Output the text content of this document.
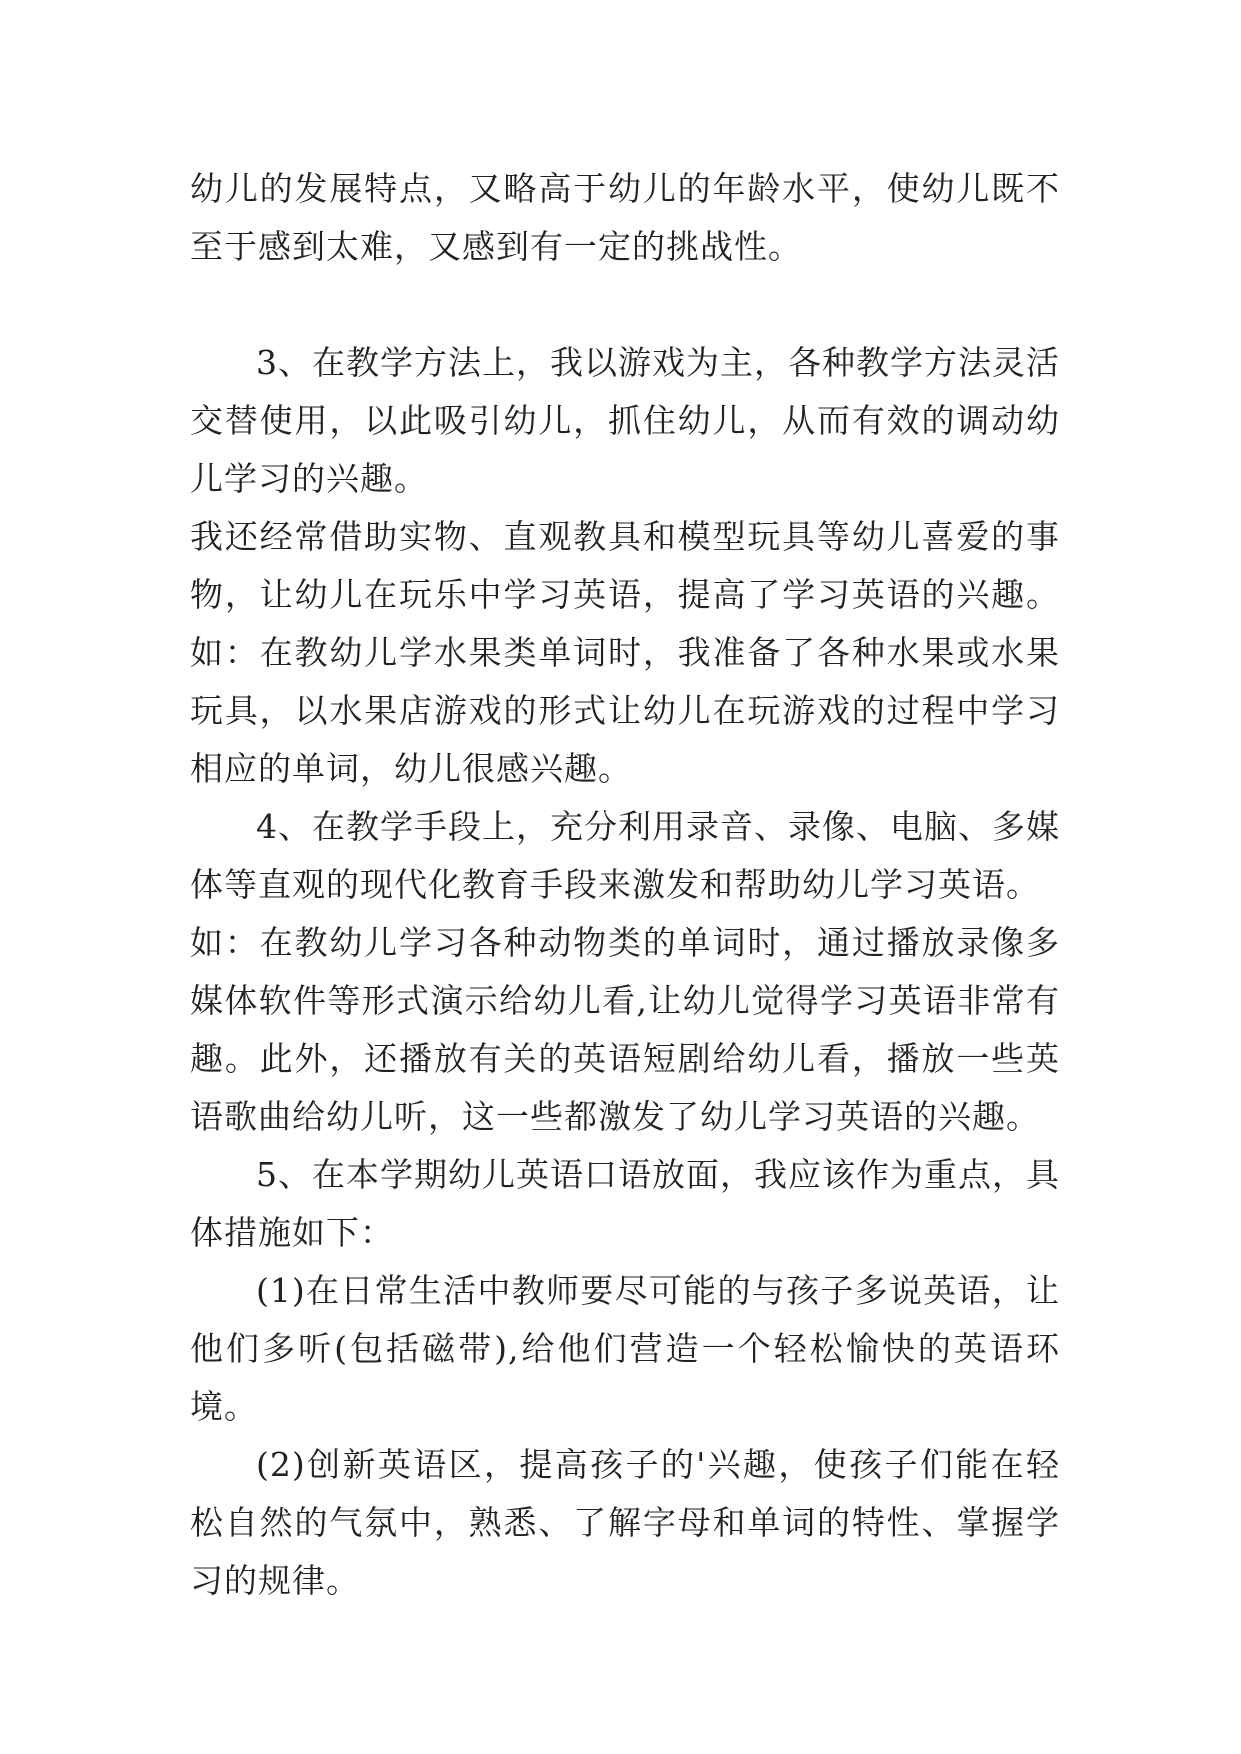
幼儿的发展特点，又略高于幼儿的年龄水平，使幼儿既不至于感到太难，又感到有一定的挑战性。

3、在教学方法上，我以游戏为主，各种教学方法灵活交替使用，以此吸引幼儿，抓住幼儿，从而有效的调动幼儿学习的兴趣。

我还经常借助实物、直观教具和模型玩具等幼儿喜爱的事物，让幼儿在玩乐中学习英语，提高了学习英语的兴趣。如：在教幼儿学水果类单词时，我准备了各种水果或水果玩具，以水果店游戏的形式让幼儿在玩游戏的过程中学习相应的单词，幼儿很感兴趣。

4、在教学手段上，充分利用录音、录像、电脑、多媒体等直观的现代化教育手段来激发和帮助幼儿学习英语。

如：在教幼儿学习各种动物类的单词时，通过播放录像多媒体软件等形式演示给幼儿看,让幼儿觉得学习英语非常有趣。此外，还播放有关的英语短剧给幼儿看，播放一些英语歌曲给幼儿听，这一些都激发了幼儿学习英语的兴趣。

5、在本学期幼儿英语口语放面，我应该作为重点，具体措施如下：

(1)在日常生活中教师要尽可能的与孩子多说英语，让他们多听(包括磁带),给他们营造一个轻松愉快的英语环境。

(2)创新英语区，提高孩子的'兴趣，使孩子们能在轻松自然的气氛中，熟悉、了解字母和单词的特性、掌握学习的规律。
